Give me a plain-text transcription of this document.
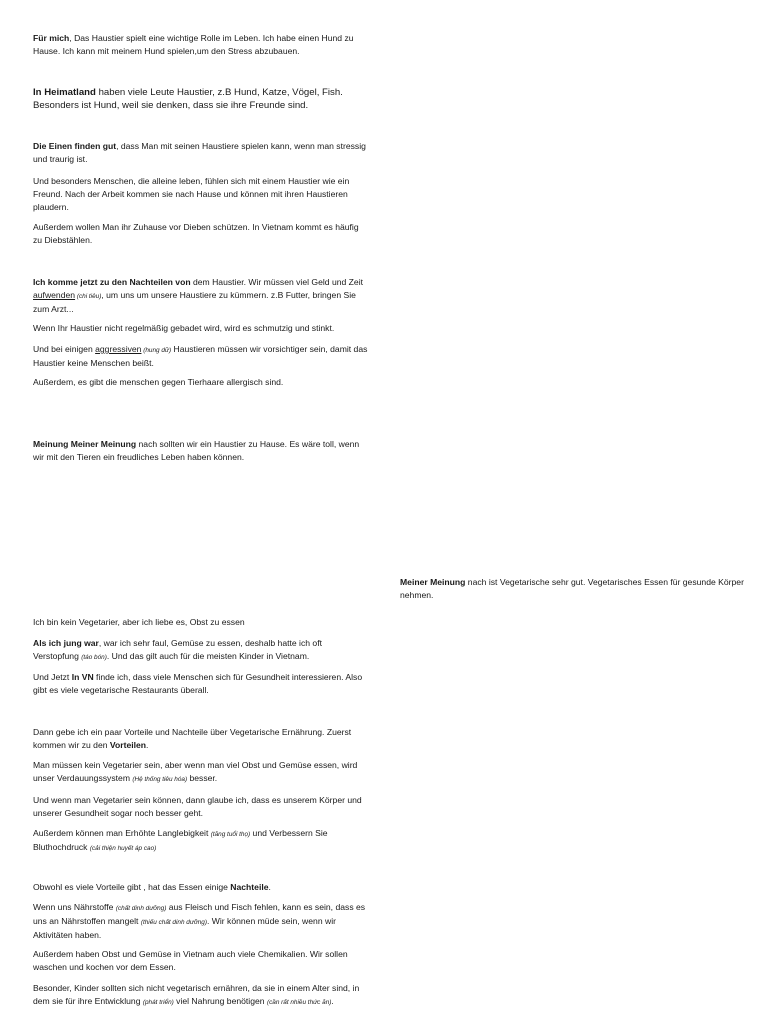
Für mich, Das Haustier spielt eine wichtige Rolle im Leben. Ich habe einen Hund zu Hause. Ich kann mit meinem Hund spielen,um den Stress abzubauen.

In Heimatland haben viele Leute Haustier, z.B Hund, Katze, Vögel, Fish. Besonders ist Hund, weil sie denken, dass sie ihre Freunde sind.

Die Einen finden gut, dass Man mit seinen Haustiere spielen kann, wenn man stressig und traurig ist.

Und besonders Menschen, die alleine leben, fühlen sich mit einem Haustier wie ein Freund. Nach der Arbeit kommen sie nach Hause und können mit ihren Haustieren plaudern.

Außerdem wollen Man ihr Zuhause vor Dieben schützen. In Vietnam kommt es häufig zu Diebstählen.

Ich komme jetzt zu den Nachteilen von dem Haustier. Wir müssen viel Geld und Zeit aufwenden (chi tiêu), um uns um unsere Haustiere zu kümmern. z.B Futter, bringen Sie zum Arzt...

Wenn Ihr Haustier nicht regelmäßig gebadet wird, wird es schmutzig und stinkt.

Und bei einigen aggressiven (hung dữ) Haustieren müssen wir vorsichtiger sein, damit das Haustier keine Menschen beißt.

Außerdem, es gibt die menschen gegen Tierhaare allergisch sind.

Meinung Meiner Meinung nach sollten wir ein Haustier zu Hause. Es wäre toll, wenn wir mit den Tieren ein freudliches Leben haben können.

Meiner Meinung nach ist Vegetarische sehr gut. Vegetarisches Essen für gesunde Körper nehmen.

Ich bin kein Vegetarier, aber ich liebe es, Obst zu essen

Als ich jung war, war ich sehr faul, Gemüse zu essen, deshalb hatte ich oft Verstopfung (táo bón). Und das gilt auch für die meisten Kinder in Vietnam.

Und Jetzt In VN finde ich, dass viele Menschen sich für Gesundheit interessieren. Also gibt es viele vegetarische Restaurants überall.

Dann gebe ich ein paar Vorteile und Nachteile über Vegetarische Ernährung. Zuerst kommen wir zu den Vorteilen.

Man müssen kein Vegetarier sein, aber wenn man viel Obst und Gemüse essen, wird unser Verdauungssystem (Hệ thống tiêu hóa) besser.

Und wenn man Vegetarier sein können, dann glaube ich, dass es unserem Körper und unserer Gesundheit sogar noch besser geht.

Außerdem können man Erhöhte Langlebigkeit (tăng tuổi thọ) und Verbessern Sie Bluthochdruck (cải thiện huyết áp cao)

Obwohl es viele Vorteile gibt , hat das Essen einige Nachteile.

Wenn uns Nährstoffe (chất dinh dưỡng) aus Fleisch und Fisch fehlen, kann es sein, dass es uns an Nährstoffen mangelt (thiếu chất dinh dưỡng). Wir können müde sein, wenn wir Aktivitäten haben.

Außerdem haben Obst und Gemüse in Vietnam auch viele Chemikalien. Wir sollen waschen und kochen vor dem Essen.

Besonder, Kinder sollten sich nicht vegetarisch ernähren, da sie in einem Alter sind, in dem sie für ihre Entwicklung (phát triển) viel Nahrung benötigen (cần rất nhiều thức ăn).
